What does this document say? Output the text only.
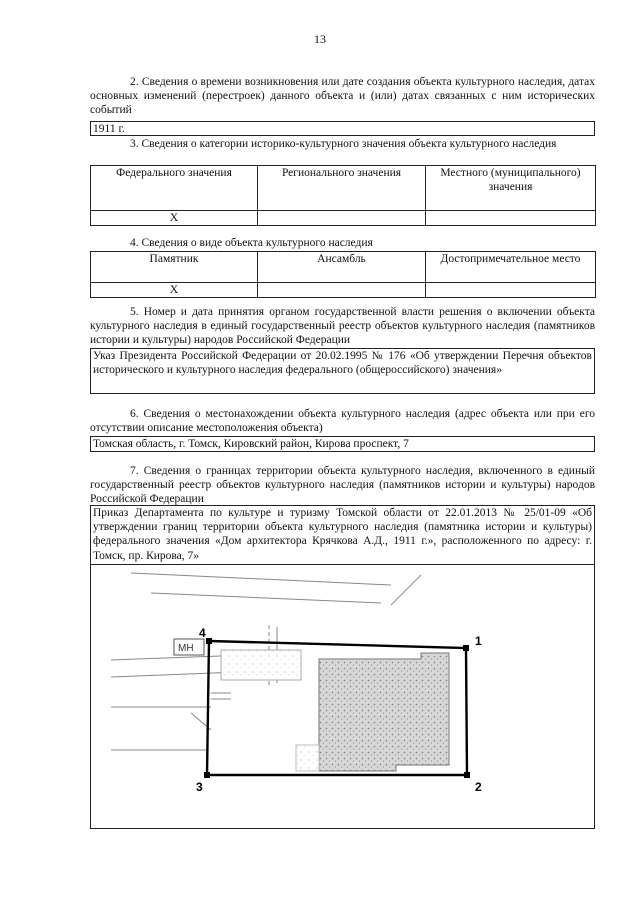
13
2. Сведения о времени возникновения или дате создания объекта культурного наследия, датах основных изменений (перестроек) данного объекта и (или) датах связанных с ним исторических событий
1911 г.
3. Сведения о категории историко-культурного значения объекта культурного наследия
Федерального значения	Регионального значения	Местного (муниципального) значения
Х		
4. Сведения о виде объекта культурного наследия
Памятник	Ансамбль	Достопримечательное место
Х		
5. Номер и дата принятия органом государственной власти решения о включении объекта культурного наследия в единый государственный реестр объектов культурного наследия (памятников истории и культуры) народов Российской Федерации
Указ Президента Российской Федерации от 20.02.1995 № 176 «Об утверждении Перечня объектов исторического и культурного наследия федерального (общероссийского) значения»
6. Сведения о местонахождении объекта культурного наследия (адрес объекта или при его отсутствии описание местоположения объекта)
Томская область, г. Томск, Кировский район, Кирова проспект, 7
7. Сведения о границах территории объекта культурного наследия, включенного в единый государственный реестр объектов культурного наследия (памятников истории и культуры) народов Российской Федерации
Приказ Департамента по культуре и туризму Томской области от 22.01.2013 № 25/01-09 «Об утверждении границ территории объекта культурного наследия (памятника истории и культуры) федерального значения «Дом архитектора Крячкова А.Д., 1911 г.», расположенного по адресу: г. Томск, пр. Кирова, 7»
МН
1
2
3
4
